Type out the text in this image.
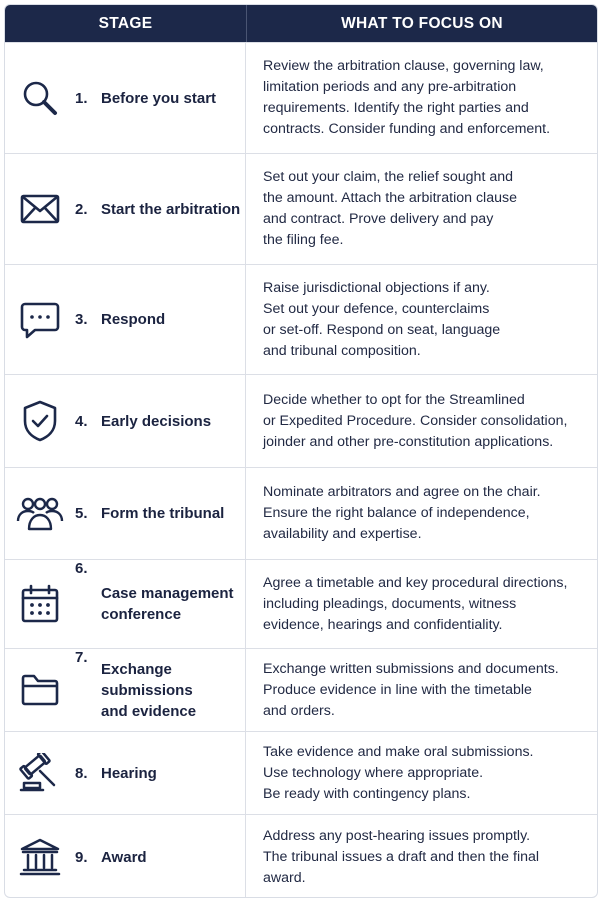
STAGE	WHAT TO FOCUS ON
1. Before you start
Review the arbitration clause, governing law,
limitation periods and any pre-arbitration
requirements. Identify the right parties and
contracts. Consider funding and enforcement.
2. Start the arbitration
Set out your claim, the relief sought and
the amount. Attach the arbitration clause
and contract. Prove delivery and pay
the filing fee.
3. Respond
Raise jurisdictional objections if any.
Set out your defence, counterclaims
or set-off. Respond on seat, language
and tribunal composition.
4. Early decisions
Decide whether to opt for the Streamlined
or Expedited Procedure. Consider consolidation,
joinder and other pre-constitution applications.
5. Form the tribunal
Nominate arbitrators and agree on the chair.
Ensure the right balance of independence,
availability and expertise.
6.
Case management
conference
Agree a timetable and key procedural directions,
including pleadings, documents, witness
evidence, hearings and confidentiality.
7.
Exchange submissions
and evidence
Exchange written submissions and documents.
Produce evidence in line with the timetable
and orders.
8. Hearing
Take evidence and make oral submissions.
Use technology where appropriate.
Be ready with contingency plans.
9. Award
Address any post-hearing issues promptly.
The tribunal issues a draft and then the final
award.
